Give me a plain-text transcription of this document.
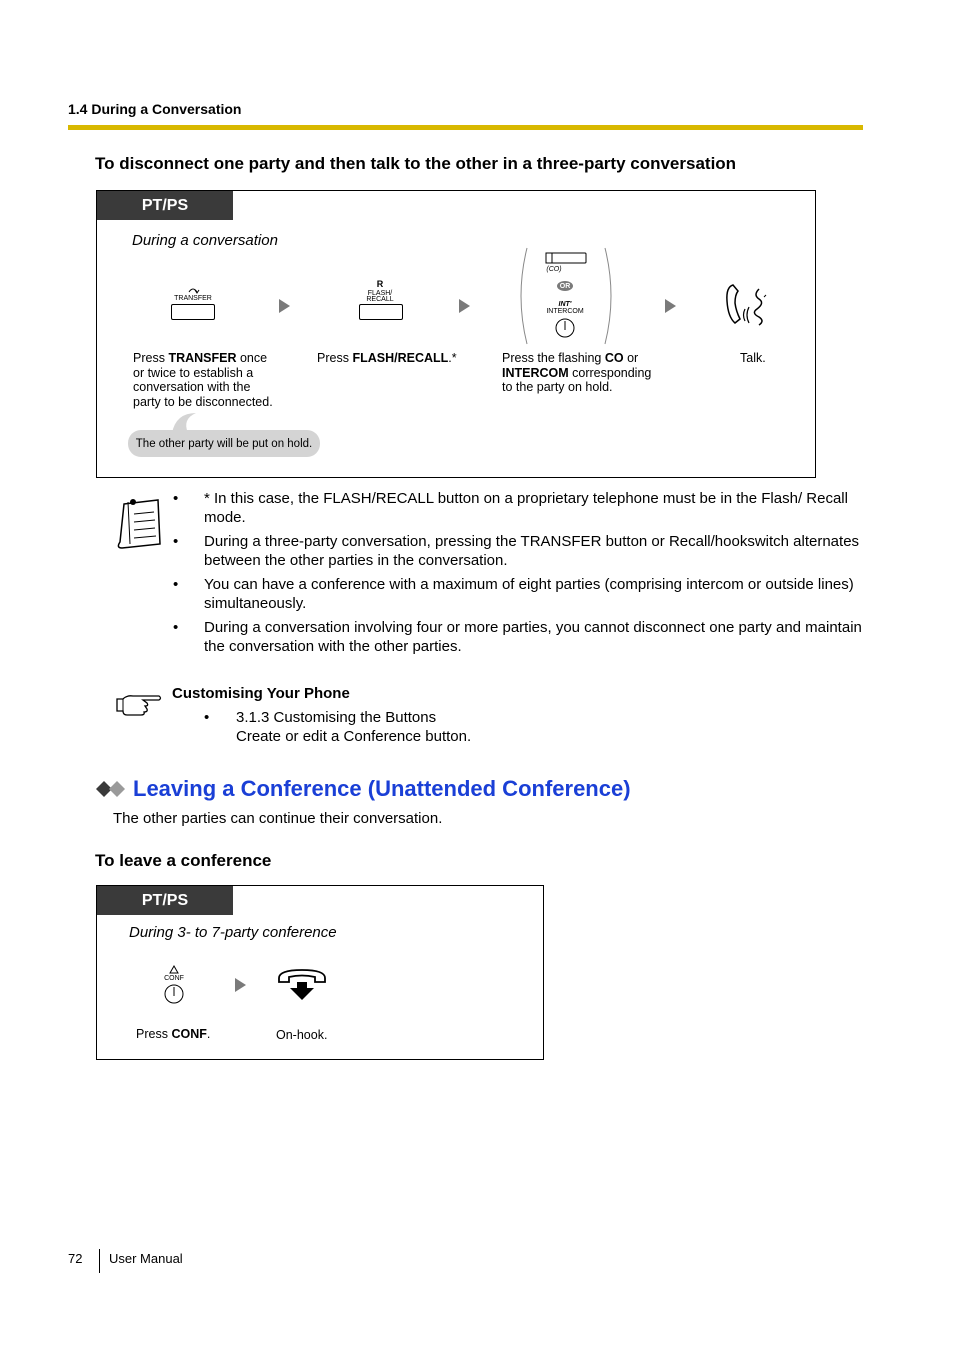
1.4 During a Conversation
To disconnect one party and then talk to the other in a three-party conversation
PT/PS
During a conversation
TRANSFER
R
FLASH/
RECALL
(CO)
OR
INT'
INTERCOM
Press TRANSFER once
or twice to establish a
conversation with the
party to be disconnected.
Press FLASH/RECALL.*	Press the flashing CO or
INTERCOM corresponding
to the party on hold.
Talk.
The other party will be put on hold.
• * In this case, the FLASH/RECALL button on a proprietary telephone must be in the Flash/ Recall mode.
• During a three-party conversation, pressing the TRANSFER button or Recall/hookswitch alternates between the other parties in the conversation.
• You can have a conference with a maximum of eight parties (comprising intercom or outside lines) simultaneously.
• During a conversation involving four or more parties, you cannot disconnect one party and maintain the conversation with the other parties.
Customising Your Phone
• 3.1.3 Customising the Buttons
Create or edit a Conference button.
Leaving a Conference (Unattended Conference)
The other parties can continue their conversation.
To leave a conference
PT/PS
During 3- to 7-party conference
CONF
Press CONF.	On-hook.
72 User Manual
